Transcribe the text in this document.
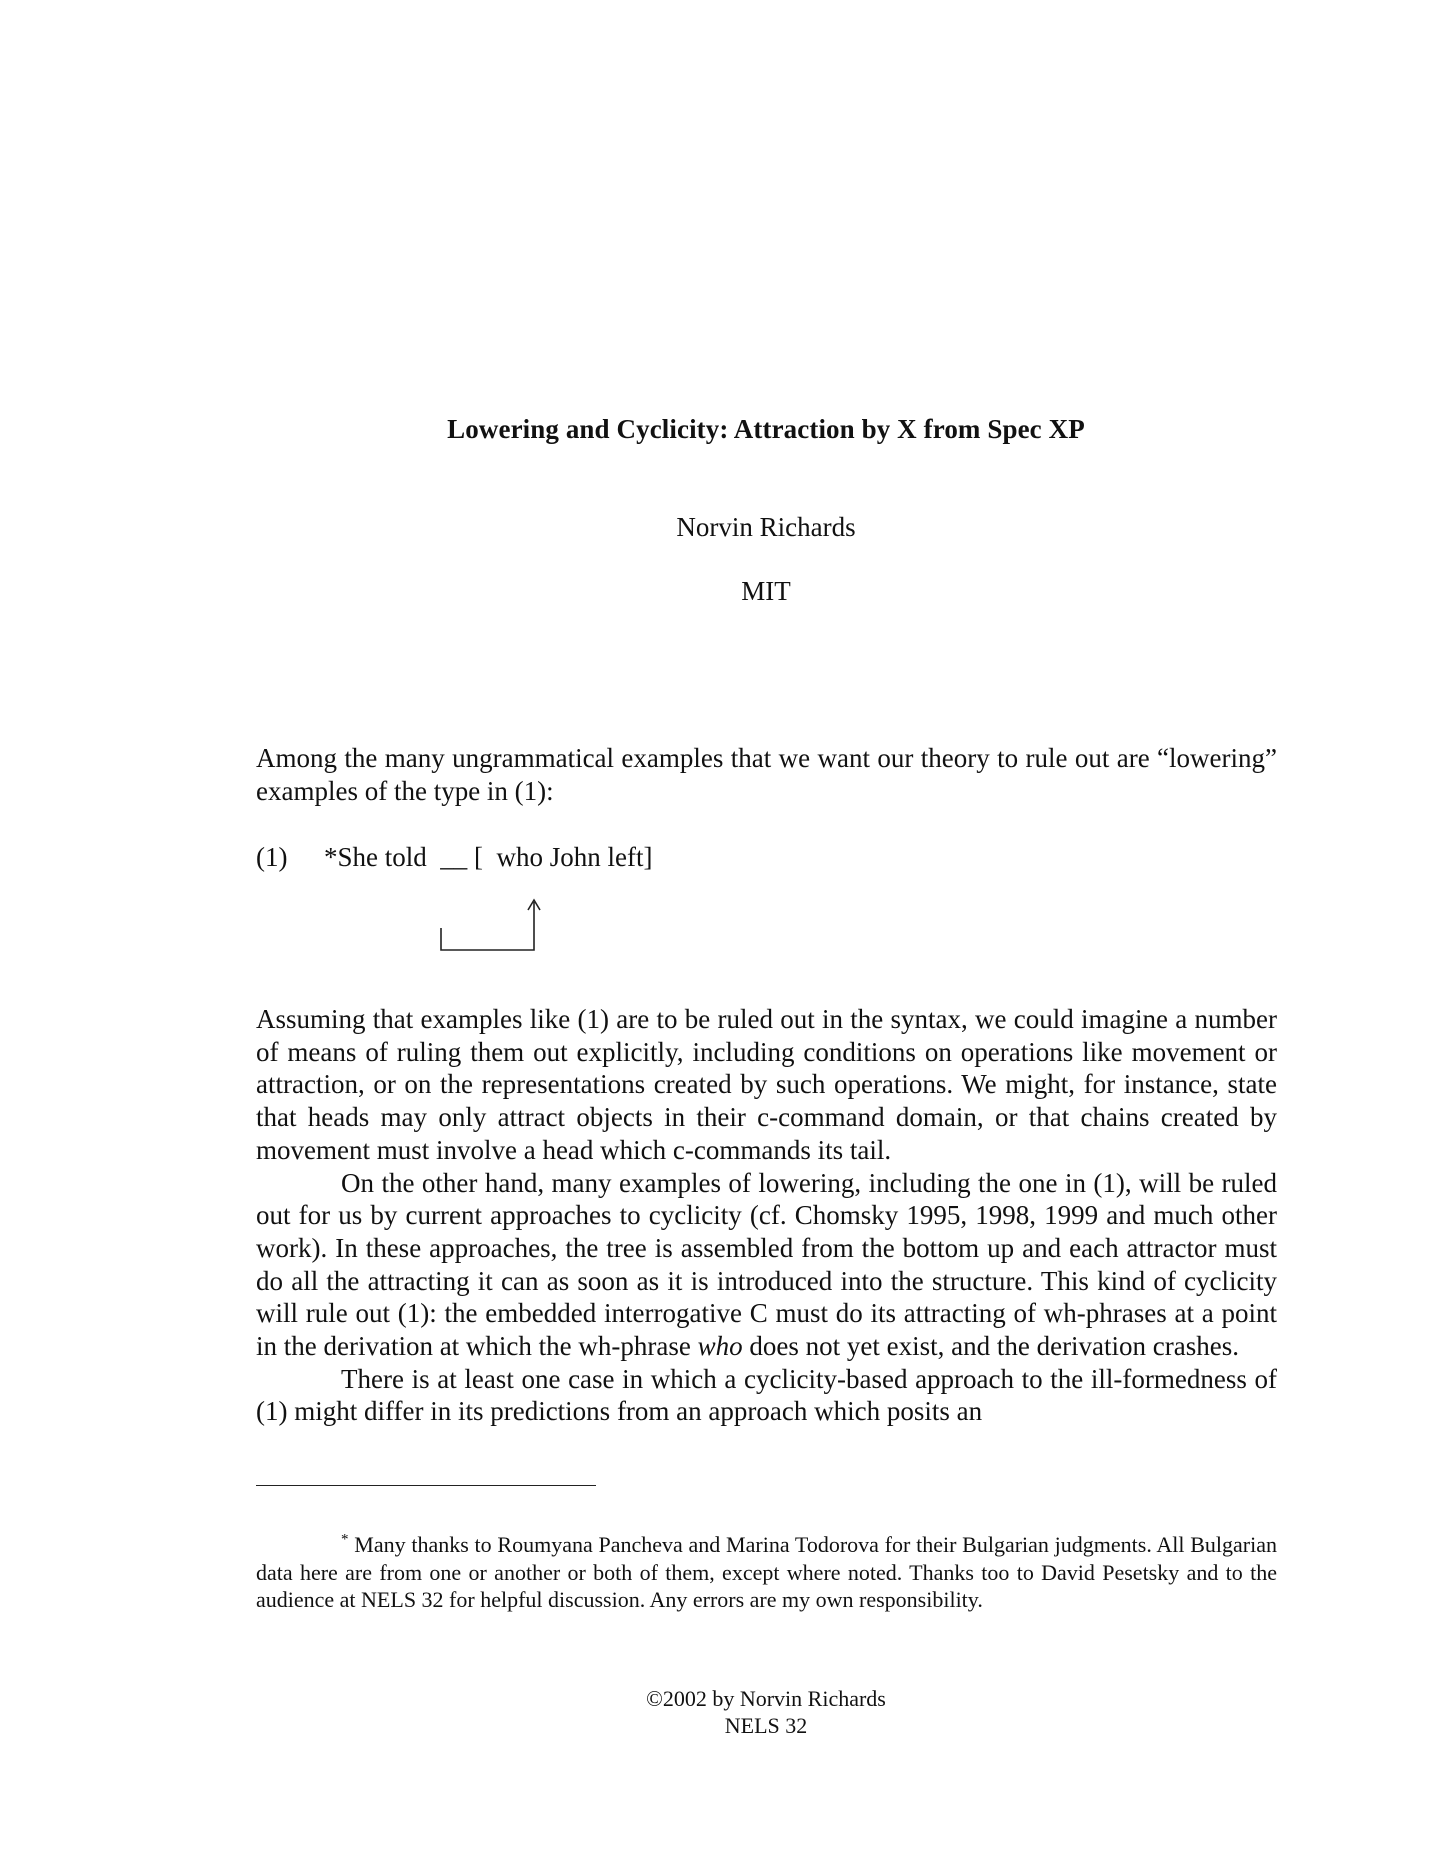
Lowering and Cyclicity: Attraction by X from Spec XP
Norvin Richards
MIT

Among the many ungrammatical examples that we want our theory to rule out are “lowering” examples of the type in (1):

(1) *She told  __ [  who John left]

Assuming that examples like (1) are to be ruled out in the syntax, we could imagine a number of means of ruling them out explicitly, including conditions on operations like movement or attraction, or on the representations created by such operations. We might, for instance, state that heads may only attract objects in their c-command domain, or that chains created by movement must involve a head which c-commands its tail.

On the other hand, many examples of lowering, including the one in (1), will be ruled out for us by current approaches to cyclicity (cf. Chomsky 1995, 1998, 1999 and much other work). In these approaches, the tree is assembled from the bottom up and each attractor must do all the attracting it can as soon as it is introduced into the structure. This kind of cyclicity will rule out (1): the embedded interrogative C must do its attracting of wh-phrases at a point in the derivation at which the wh-phrase who does not yet exist, and the derivation crashes.

There is at least one case in which a cyclicity-based approach to the ill-formedness of (1) might differ in its predictions from an approach which posits an

* Many thanks to Roumyana Pancheva and Marina Todorova for their Bulgarian judgments. All Bulgarian data here are from one or another or both of them, except where noted. Thanks too to David Pesetsky and to the audience at NELS 32 for helpful discussion. Any errors are my own responsibility.

©2002 by Norvin Richards
NELS 32
